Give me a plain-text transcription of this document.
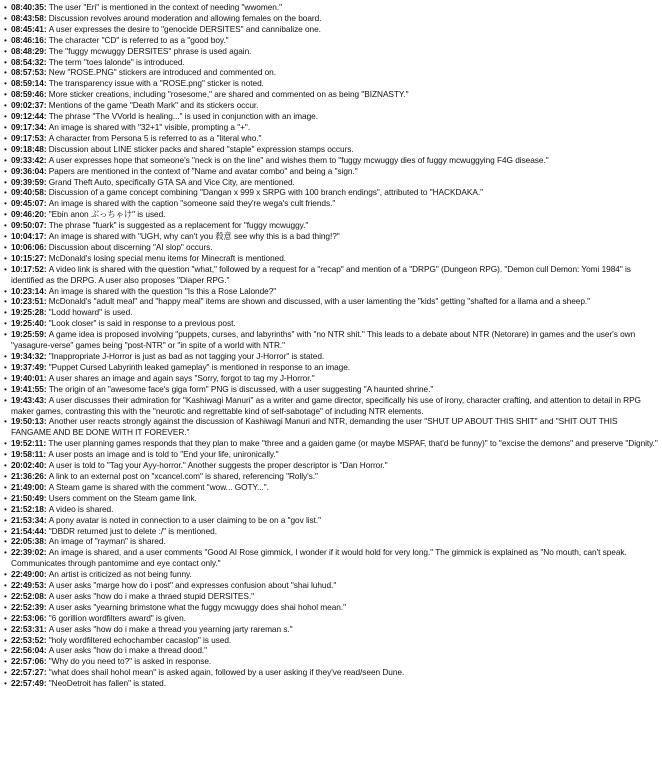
• 08:40:35: The user "Eri" is mentioned in the context of needing "wwomen."
• 08:43:58: Discussion revolves around moderation and allowing females on the board.
• 08:45:41: A user expresses the desire to "genocide DERSITES" and cannibalize one.
• 08:46:16: The character "CD" is referred to as a "good boy."
• 08:48:29: The "fuggy mcwuggy DERSITES" phrase is used again.
• 08:54:32: The term "toes lalonde" is introduced.
• 08:57:53: New "ROSE.PNG" stickers are introduced and commented on.
• 08:59:14: The transparency issue with a "ROSE.png" sticker is noted.
• 08:59:46: More sticker creations, including "rosesome," are shared and commented on as being "BIZNASTY."
• 09:02:37: Mentions of the game "Death Mark" and its stickers occur.
• 09:12:44: The phrase "The VVorld is healing..." is used in conjunction with an image.
• 09:17:34: An image is shared with "32+1" visible, prompting a "+".
• 09:17:53: A character from Persona 5 is referred to as a "literal who."
• 09:18:48: Discussion about LINE sticker packs and shared "staple" expression stamps occurs.
• 09:33:42: A user expresses hope that someone's "neck is on the line" and wishes them to "fuggy mcwuggy dies of fuggy mcwuggying F4G disease."
• 09:36:04: Papers are mentioned in the context of "Name and avatar combo" and being a "sign."
• 09:39:59: Grand Theft Auto, specifically GTA SA and Vice City, are mentioned.
• 09:40:58: Discussion of a game concept combining "Dangan x 999 x SRPG with 100 branch endings", attributed to "HACKDAKA."
• 09:45:07: An image is shared with the caption "someone said they're wega's cult friends."
• 09:46:20: "Ebin anon ぶっちゃけ" is used.
• 09:50:07: The phrase "fuark" is suggested as a replacement for "fuggy mcwuggy."
• 10:04:17: An image is shared with "UGH, why can't you 殺意 see why this is a bad thing!?"
• 10:06:06: Discussion about discerning "AI slop" occurs.
• 10:15:27: McDonald's losing special menu items for Minecraft is mentioned.
• 10:17:52: A video link is shared with the question "what," followed by a request for a "recap" and mention of a "DRPG" (Dungeon RPG). "Demon cull Demon: Yomi 1984" is identified as the DRPG. A user also proposes "Diaper RPG."
• 10:23:14: An image is shared with the question "Is this a Rose Lalonde?"
• 10:23:51: McDonald's "adult meal" and "happy meal" items are shown and discussed, with a user lamenting the "kids" getting "shafted for a llama and a sheep."
• 19:25:28: "Lodd howard" is used.
• 19:25:40: "Look closer" is said in response to a previous post.
• 19:25:59: A game idea is proposed involving "puppets, curses, and labyrinths" with "no NTR shit." This leads to a debate about NTR (Netorare) in games and the user's own "yasagure-verse" games being "post-NTR" or "in spite of a world with NTR."
• 19:34:32: "Inappropriate J-Horror is just as bad as not tagging your J-Horror" is stated.
• 19:37:49: "Puppet Cursed Labyrinth leaked gameplay" is mentioned in response to an image.
• 19:40:01: A user shares an image and again says "Sorry, forgot to tag my J-Horror."
• 19:41:55: The origin of an "awesome face's giga form" PNG is discussed, with a user suggesting "A haunted shrine."
• 19:43:43: A user discusses their admiration for "Kashiwagi Manuri" as a writer and game director, specifically his use of irony, character crafting, and attention to detail in RPG maker games, contrasting this with the "neurotic and regrettable kind of self-sabotage" of including NTR elements.
• 19:50:13: Another user reacts strongly against the discussion of Kashiwagi Manuri and NTR, demanding the user "SHUT UP ABOUT THIS SHIT" and "SHIT OUT THIS FANGAME AND BE DONE WITH IT FOREVER."
• 19:52:11: The user planning games responds that they plan to make "three and a gaiden game (or maybe MSPAF, that'd be funny)" to "excise the demons" and preserve "Dignity."
• 19:58:11: A user posts an image and is told to "End your life, unironically."
• 20:02:40: A user is told to "Tag your Ayy-horror." Another suggests the proper descriptor is "Dan Horror."
• 21:36:26: A link to an external post on "xcancel.com" is shared, referencing "Rolly's."
• 21:49:00: A Steam game is shared with the comment "wow... GOTY...".
• 21:50:49: Users comment on the Steam game link.
• 21:52:18: A video is shared.
• 21:53:34: A pony avatar is noted in connection to a user claiming to be on a "gov list."
• 21:54:44: "DBDR returned just to delete :/" is mentioned.
• 22:05:38: An image of "rayman" is shared.
• 22:39:02: An image is shared, and a user comments "Good AI Rose gimmick, I wonder if it would hold for very long." The gimmick is explained as "No mouth, can't speak. Communicates through pantomime and eye contact only."
• 22:49:00: An artist is criticized as not being funny.
• 22:49:53: A user asks "marge how do i post" and expresses confusion about "shai luhud."
• 22:52:08: A user asks "how do i make a thraed stupid DERSITES."
• 22:52:39: A user asks "yearning brimstone what the fuggy mcwuggy does shai hohol mean."
• 22:53:06: "6 gorillion wordfilters award" is given.
• 22:53:31: A user asks "how do i make a thread you yearning jarty rareman s."
• 22:53:52: "holy wordfiltered echochamber cacaslop" is used.
• 22:56:04: A user asks "how do i make a thread dood."
• 22:57:06: "Why do you need to?" is asked in response.
• 22:57:27: "what does shail hohol mean" is asked again, followed by a user asking if they've read/seen Dune.
• 22:57:49: "NeoDetroit has fallen" is stated.
